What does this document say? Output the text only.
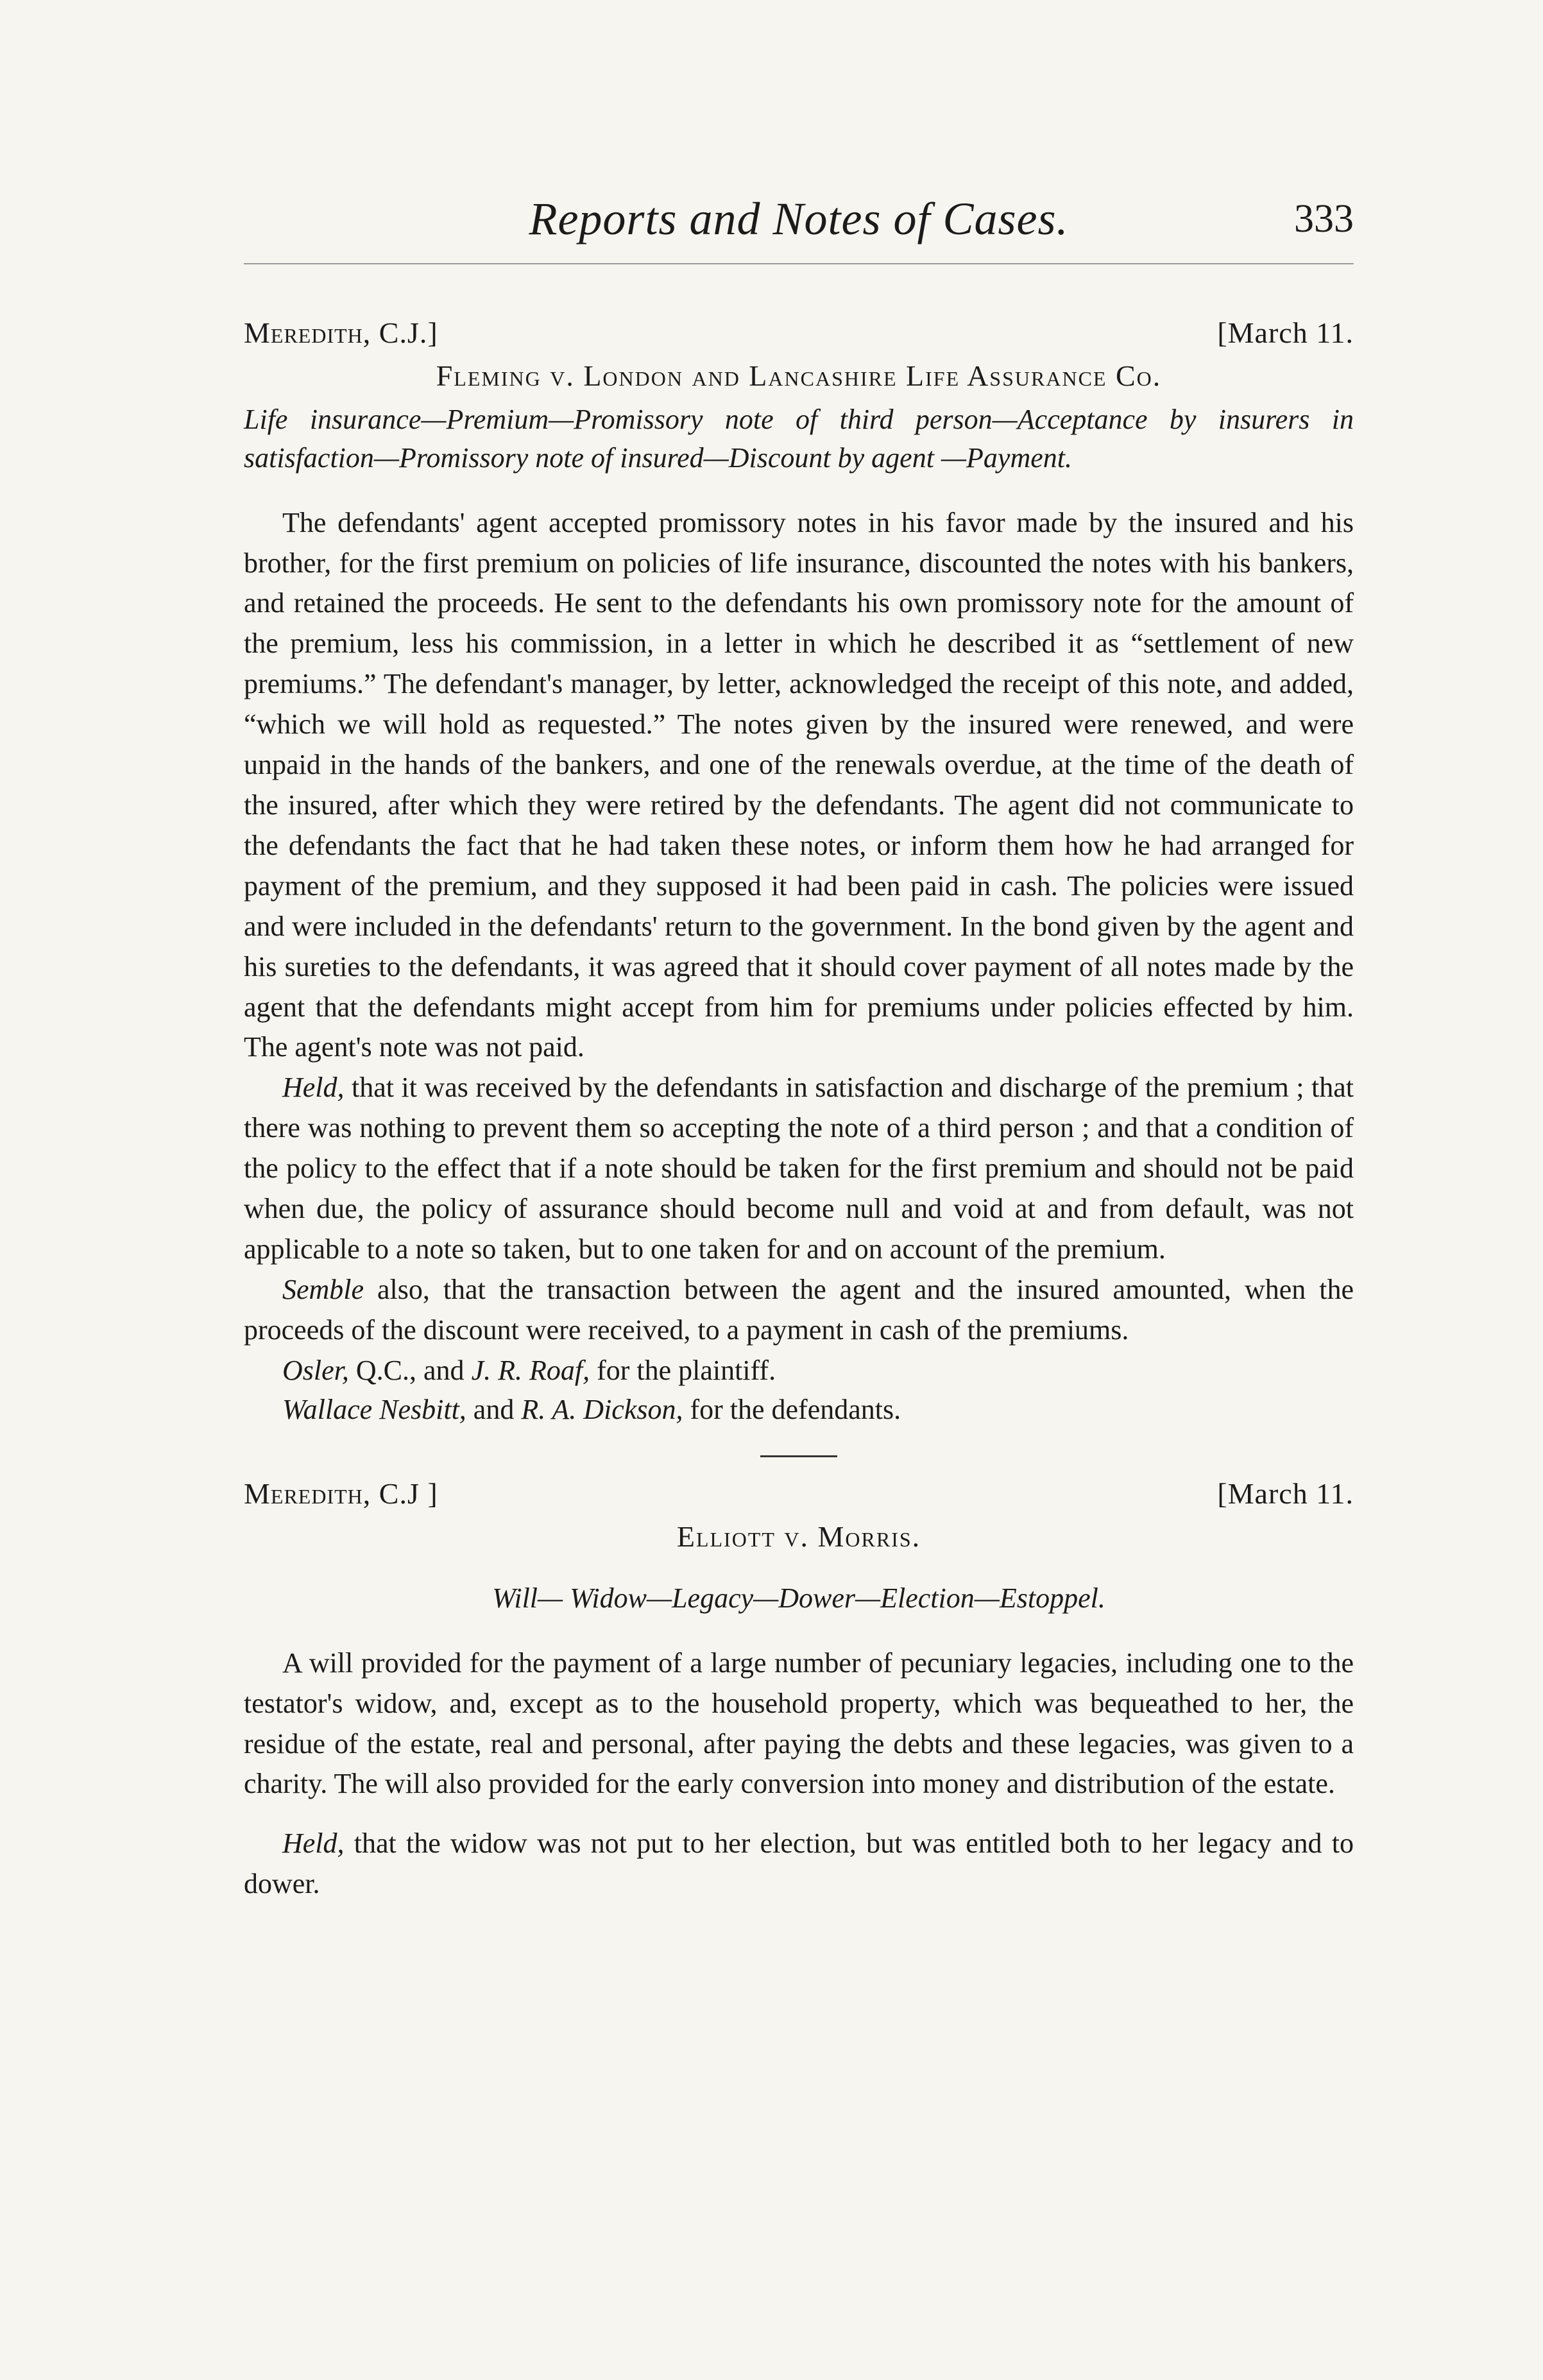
Reports and Notes of Cases.	333
Meredith, C.J.]	[March 11.
Fleming v. London and Lancashire Life Assurance Co.
Life insurance—Premium—Promissory note of third person—Acceptance by insurers in satisfaction—Promissory note of insured—Discount by agent —Payment.

The defendants' agent accepted promissory notes in his favor made by the insured and his brother, for the first premium on policies of life insurance, discounted the notes with his bankers, and retained the proceeds. He sent to the defendants his own promissory note for the amount of the premium, less his commission, in a letter in which he described it as “settlement of new premiums.” The defendant's manager, by letter, acknowledged the receipt of this note, and added, “which we will hold as requested.” The notes given by the insured were renewed, and were unpaid in the hands of the bankers, and one of the renewals overdue, at the time of the death of the insured, after which they were retired by the defendants. The agent did not communicate to the defendants the fact that he had taken these notes, or inform them how he had arranged for payment of the premium, and they supposed it had been paid in cash. The policies were issued and were included in the defendants' return to the government. In the bond given by the agent and his sureties to the defendants, it was agreed that it should cover payment of all notes made by the agent that the defendants might accept from him for premiums under policies effected by him. The agent's note was not paid.

Held, that it was received by the defendants in satisfaction and discharge of the premium ; that there was nothing to prevent them so accepting the note of a third person ; and that a condition of the policy to the effect that if a note should be taken for the first premium and should not be paid when due, the policy of assurance should become null and void at and from default, was not applicable to a note so taken, but to one taken for and on account of the premium.

Semble also, that the transaction between the agent and the insured amounted, when the proceeds of the discount were received, to a payment in cash of the premiums.

Osler, Q.C., and J. R. Roaf, for the plaintiff.

Wallace Nesbitt, and R. A. Dickson, for the defendants.

Meredith, C.J ]	[March 11.
Elliott v. Morris.
Will— Widow—Legacy—Dower—Election—Estoppel.

A will provided for the payment of a large number of pecuniary legacies, including one to the testator's widow, and, except as to the household property, which was bequeathed to her, the residue of the estate, real and personal, after paying the debts and these legacies, was given to a charity. The will also provided for the early conversion into money and distribution of the estate.

Held, that the widow was not put to her election, but was entitled both to her legacy and to dower.
